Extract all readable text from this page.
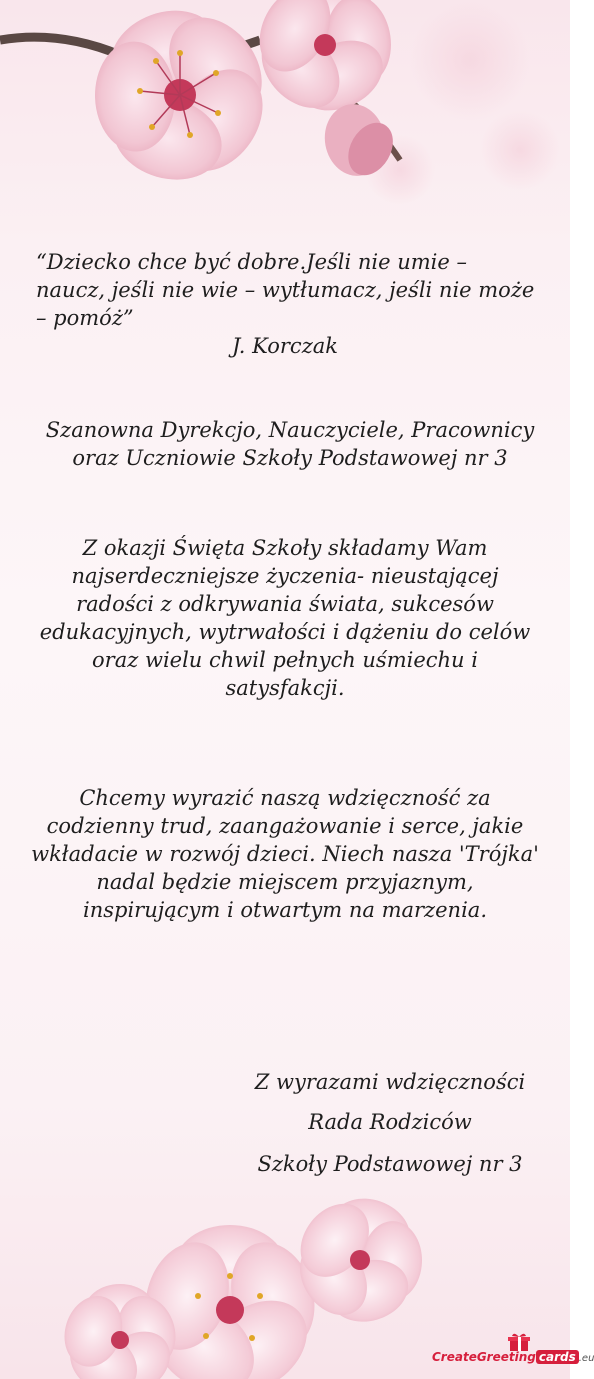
“Dziecko chce być dobre.Jeśli nie umie – naucz, jeśli nie wie – wytłumacz, jeśli nie może – pomóż”

J. Korczak

Szanowna Dyrekcjo, Nauczyciele, Pracownicy oraz Uczniowie Szkoły Podstawowej nr 3

Z okazji Święta Szkoły składamy Wam najserdeczniejsze życzenia- nieustającej radości z odkrywania świata, sukcesów edukacyjnych, wytrwałości i dążeniu do celów oraz wielu chwil pełnych uśmiechu i satysfakcji.

Chcemy wyrazić naszą wdzięczność za codzienny trud, zaangażowanie i serce, jakie wkładacie w rozwój dzieci. Niech nasza 'Trójka' nadal będzie miejscem przyjaznym, inspirującym i otwartym na marzenia.

Z wyrazami wdzięczności

Rada Rodziców

Szkoły Podstawowej nr 3

CreateGreeting cards .eu
